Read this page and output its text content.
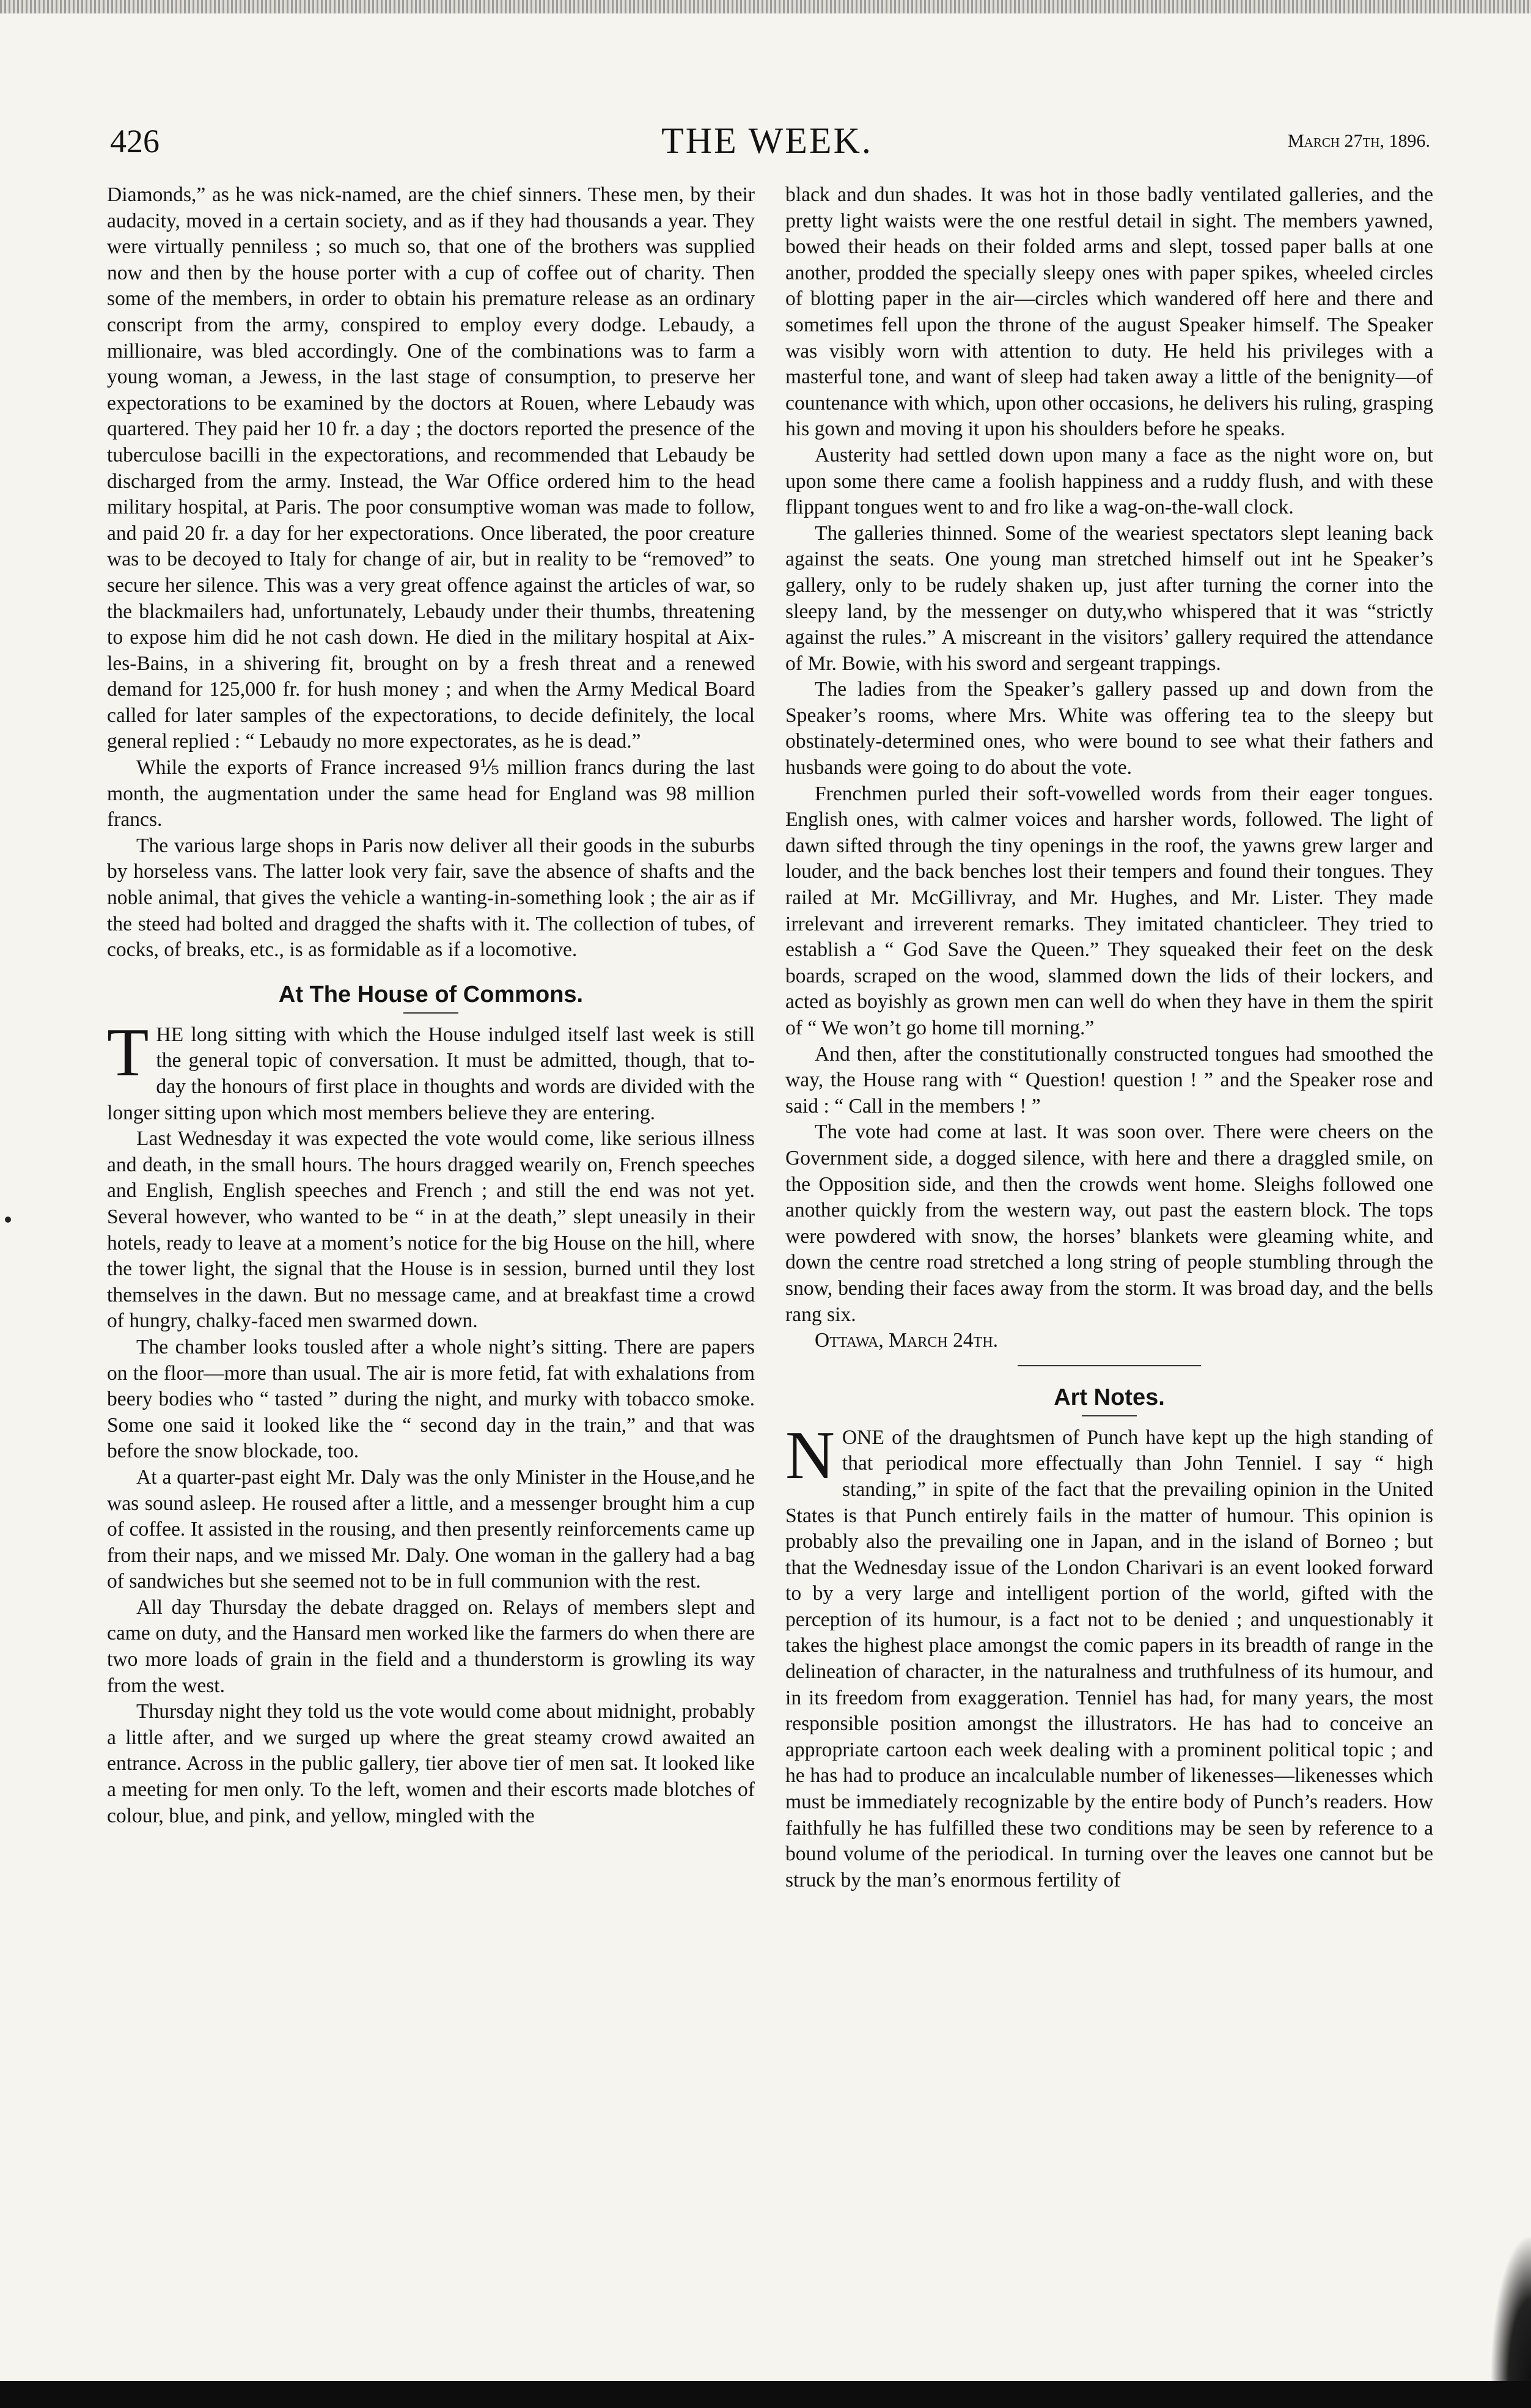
426	THE WEEK.	March 27th, 1896.

Diamonds,” as he was nick-named, are the chief sinners. These men, by their audacity, moved in a certain society, and as if they had thousands a year. They were virtually penniless ; so much so, that one of the brothers was supplied now and then by the house porter with a cup of coffee out of charity. Then some of the members, in order to obtain his premature release as an ordinary conscript from the army, conspired to employ every dodge. Lebaudy, a millionaire, was bled accordingly. One of the combinations was to farm a young woman, a Jewess, in the last stage of consumption, to preserve her expectorations to be examined by the doctors at Rouen, where Lebaudy was quartered. They paid her 10 fr. a day ; the doctors reported the presence of the tuberculose bacilli in the expectorations, and recommended that Lebaudy be discharged from the army. Instead, the War Office ordered him to the head military hospital, at Paris. The poor consumptive woman was made to follow, and paid 20 fr. a day for her expectorations. Once liberated, the poor creature was to be decoyed to Italy for change of air, but in reality to be “removed” to secure her silence. This was a very great offence against the articles of war, so the blackmailers had, unfortunately, Lebaudy under their thumbs, threatening to expose him did he not cash down. He died in the military hospital at Aix-les-Bains, in a shivering fit, brought on by a fresh threat and a renewed demand for 125,000 fr. for hush money ; and when the Army Medical Board called for later samples of the expectorations, to decide definitely, the local general replied : “ Lebaudy no more expectorates, as he is dead.”

While the exports of France increased 9⅕ million francs during the last month, the augmentation under the same head for England was 98 million francs.

The various large shops in Paris now deliver all their goods in the suburbs by horseless vans. The latter look very fair, save the absence of shafts and the noble animal, that gives the vehicle a wanting-in-something look ; the air as if the steed had bolted and dragged the shafts with it. The collection of tubes, of cocks, of breaks, etc., is as formidable as if a locomotive.

At The House of Commons.

THE long sitting with which the House indulged itself last week is still the general topic of conversation. It must be admitted, though, that to-day the honours of first place in thoughts and words are divided with the longer sitting upon which most members believe they are entering.

Last Wednesday it was expected the vote would come, like serious illness and death, in the small hours. The hours dragged wearily on, French speeches and English, English speeches and French ; and still the end was not yet. Several however, who wanted to be “ in at the death,” slept uneasily in their hotels, ready to leave at a moment’s notice for the big House on the hill, where the tower light, the signal that the House is in session, burned until they lost themselves in the dawn. But no message came, and at breakfast time a crowd of hungry, chalky-faced men swarmed down.

The chamber looks tousled after a whole night’s sitting. There are papers on the floor—more than usual. The air is more fetid, fat with exhalations from beery bodies who “ tasted ” during the night, and murky with tobacco smoke. Some one said it looked like the “ second day in the train,” and that was before the snow blockade, too.

At a quarter-past eight Mr. Daly was the only Minister in the House,and he was sound asleep. He roused after a little, and a messenger brought him a cup of coffee. It assisted in the rousing, and then presently reinforcements came up from their naps, and we missed Mr. Daly. One woman in the gallery had a bag of sandwiches but she seemed not to be in full communion with the rest.

All day Thursday the debate dragged on. Relays of members slept and came on duty, and the Hansard men worked like the farmers do when there are two more loads of grain in the field and a thunderstorm is growling its way from the west.

Thursday night they told us the vote would come about midnight, probably a little after, and we surged up where the great steamy crowd awaited an entrance. Across in the public gallery, tier above tier of men sat. It looked like a meeting for men only. To the left, women and their escorts made blotches of colour, blue, and pink, and yellow, mingled with the

black and dun shades. It was hot in those badly ventilated galleries, and the pretty light waists were the one restful detail in sight. The members yawned, bowed their heads on their folded arms and slept, tossed paper balls at one another, prodded the specially sleepy ones with paper spikes, wheeled circles of blotting paper in the air—circles which wandered off here and there and sometimes fell upon the throne of the august Speaker himself. The Speaker was visibly worn with attention to duty. He held his privileges with a masterful tone, and want of sleep had taken away a little of the benignity—of countenance with which, upon other occasions, he delivers his ruling, grasping his gown and moving it upon his shoulders before he speaks.

Austerity had settled down upon many a face as the night wore on, but upon some there came a foolish happiness and a ruddy flush, and with these flippant tongues went to and fro like a wag-on-the-wall clock.

The galleries thinned. Some of the weariest spectators slept leaning back against the seats. One young man stretched himself out int he Speaker’s gallery, only to be rudely shaken up, just after turning the corner into the sleepy land, by the messenger on duty,who whispered that it was “strictly against the rules.” A miscreant in the visitors’ gallery required the attendance of Mr. Bowie, with his sword and sergeant trappings.

The ladies from the Speaker’s gallery passed up and down from the Speaker’s rooms, where Mrs. White was offering tea to the sleepy but obstinately-determined ones, who were bound to see what their fathers and husbands were going to do about the vote.

Frenchmen purled their soft-vowelled words from their eager tongues. English ones, with calmer voices and harsher words, followed. The light of dawn sifted through the tiny openings in the roof, the yawns grew larger and louder, and the back benches lost their tempers and found their tongues. They railed at Mr. McGillivray, and Mr. Hughes, and Mr. Lister. They made irrelevant and irreverent remarks. They imitated chanticleer. They tried to establish a “ God Save the Queen.” They squeaked their feet on the desk boards, scraped on the wood, slammed down the lids of their lockers, and acted as boyishly as grown men can well do when they have in them the spirit of “ We won’t go home till morning.”

And then, after the constitutionally constructed tongues had smoothed the way, the House rang with “ Question! question ! ” and the Speaker rose and said : “ Call in the members ! ”

The vote had come at last. It was soon over. There were cheers on the Government side, a dogged silence, with here and there a draggled smile, on the Opposition side, and then the crowds went home. Sleighs followed one another quickly from the western way, out past the eastern block. The tops were powdered with snow, the horses’ blankets were gleaming white, and down the centre road stretched a long string of people stumbling through the snow, bending their faces away from the storm. It was broad day, and the bells rang six.

Ottawa, March 24th.

Art Notes.

NONE of the draughtsmen of Punch have kept up the high standing of that periodical more effectually than John Tenniel. I say “ high standing,” in spite of the fact that the prevailing opinion in the United States is that Punch entirely fails in the matter of humour. This opinion is probably also the prevailing one in Japan, and in the island of Borneo ; but that the Wednesday issue of the London Charivari is an event looked forward to by a very large and intelligent portion of the world, gifted with the perception of its humour, is a fact not to be denied ; and unquestionably it takes the highest place amongst the comic papers in its breadth of range in the delineation of character, in the naturalness and truthfulness of its humour, and in its freedom from exaggeration. Tenniel has had, for many years, the most responsible position amongst the illustrators. He has had to conceive an appropriate cartoon each week dealing with a prominent political topic ; and he has had to produce an incalculable number of likenesses—likenesses which must be immediately recognizable by the entire body of Punch’s readers. How faithfully he has fulfilled these two conditions may be seen by reference to a bound volume of the periodical. In turning over the leaves one cannot but be struck by the man’s enormous fertility of
